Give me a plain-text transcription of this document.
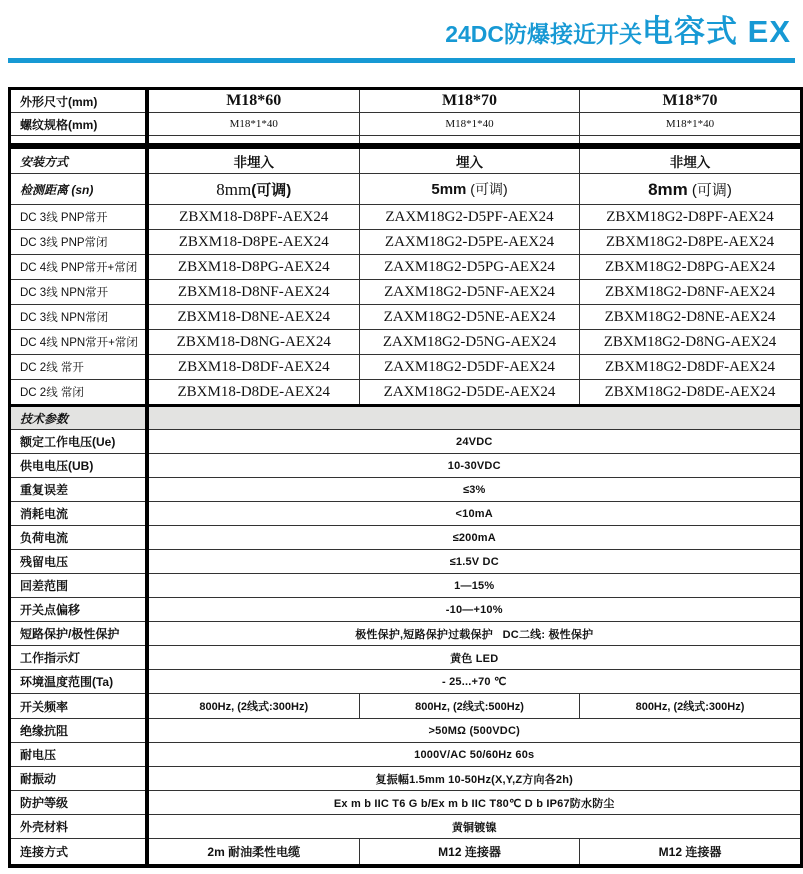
24DC防爆接近开关电容式 EX
外形尺寸(mm)	M18*60	M18*70	M18*70
螺纹规格(mm)	M18*1*40	M18*1*40	M18*1*40

安装方式	非埋入	埋入	非埋入
检测距离 (sn)	8mm(可调)	5mm (可调)	8mm (可调)
DC 3线 PNP常开	ZBXM18-D8PF-AEX24	ZAXM18G2-D5PF-AEX24	ZBXM18G2-D8PF-AEX24
DC 3线 PNP常闭	ZBXM18-D8PE-AEX24	ZAXM18G2-D5PE-AEX24	ZBXM18G2-D8PE-AEX24
DC 4线 PNP常开+常闭	ZBXM18-D8PG-AEX24	ZAXM18G2-D5PG-AEX24	ZBXM18G2-D8PG-AEX24
DC 3线 NPN常开	ZBXM18-D8NF-AEX24	ZAXM18G2-D5NF-AEX24	ZBXM18G2-D8NF-AEX24
DC 3线 NPN常闭	ZBXM18-D8NE-AEX24	ZAXM18G2-D5NE-AEX24	ZBXM18G2-D8NE-AEX24
DC 4线 NPN常开+常闭	ZBXM18-D8NG-AEX24	ZAXM18G2-D5NG-AEX24	ZBXM18G2-D8NG-AEX24
DC 2线 常开	ZBXM18-D8DF-AEX24	ZAXM18G2-D5DF-AEX24	ZBXM18G2-D8DF-AEX24
DC 2线 常闭	ZBXM18-D8DE-AEX24	ZAXM18G2-D5DE-AEX24	ZBXM18G2-D8DE-AEX24
技术参数			
额定工作电压(Ue)	24VDC		
供电电压(UB)	10-30VDC		
重复误差	≤3%		
消耗电流	<10mA		
负荷电流	≤200mA		
残留电压	≤1.5V DC		
回差范围	1—15%		
开关点偏移	-10—+10%		
短路保护/极性保护	极性保护,短路保护过载保护   DC二线: 极性保护		
工作指示灯	黄色 LED		
环境温度范围(Ta)	- 25...+70 ℃		
开关频率	800Hz, (2线式:300Hz)	800Hz, (2线式:500Hz)	800Hz, (2线式:300Hz)
绝缘抗阻	>50MΩ (500VDC)		
耐电压	1000V/AC 50/60Hz 60s		
耐振动	复振幅1.5mm 10-50Hz(X,Y,Z方向各2h)		
防护等级	Ex m b IIC T6 G b/Ex m b IIC T80℃ D b IP67防水防尘		
外壳材料	黄铜镀镍		
连接方式	2m 耐油柔性电缆	M12 连接器	M12 连接器
